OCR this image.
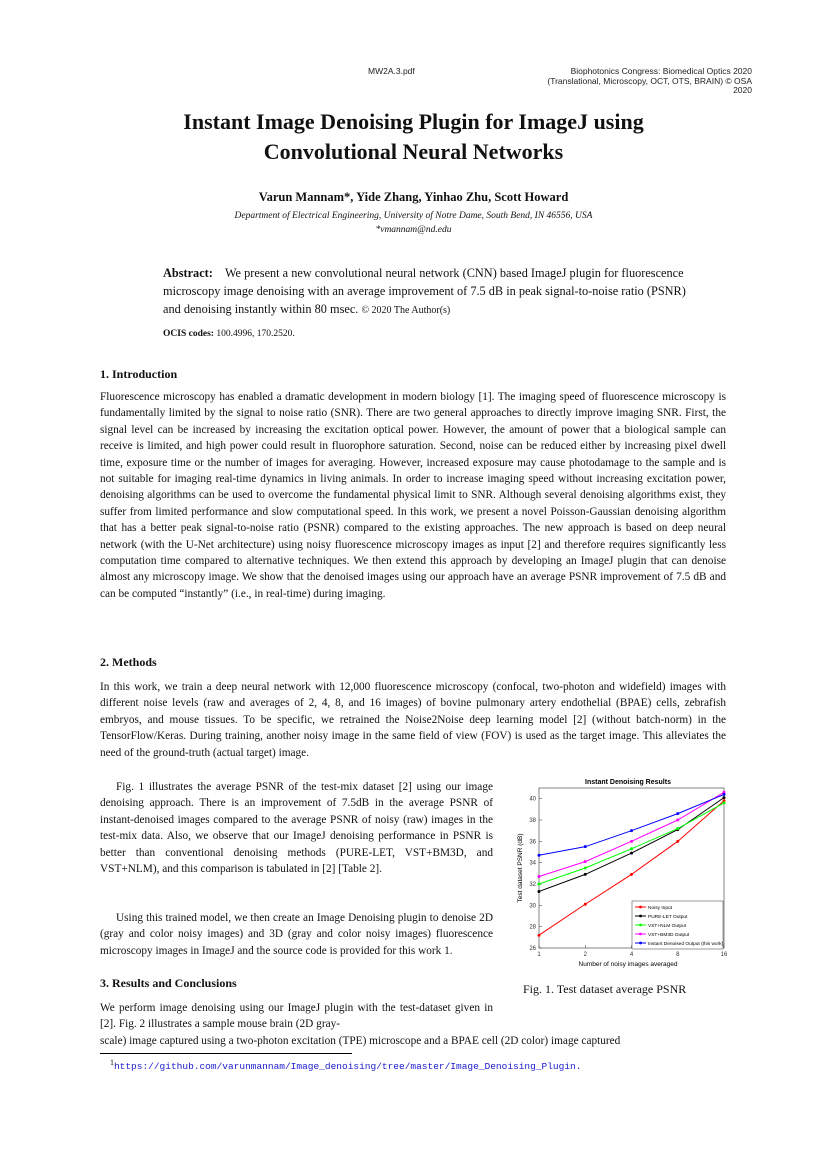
MW2A.3.pdf	Biophotonics Congress: Biomedical Optics 2020
(Translational, Microscopy, OCT, OTS, BRAIN) © OSA
2020
Instant Image Denoising Plugin for ImageJ using
Convolutional Neural Networks
Varun Mannam*, Yide Zhang, Yinhao Zhu, Scott Howard
Department of Electrical Engineering, University of Notre Dame, South Bend, IN 46556, USA
*vmannam@nd.edu
Abstract: We present a new convolutional neural network (CNN) based ImageJ plugin for fluorescence microscopy image denoising with an average improvement of 7.5 dB in peak signal-to-noise ratio (PSNR) and denoising instantly within 80 msec. © 2020 The Author(s)
OCIS codes: 100.4996, 170.2520.
1. Introduction
Fluorescence microscopy has enabled a dramatic development in modern biology [1]. The imaging speed of fluorescence microscopy is fundamentally limited by the signal to noise ratio (SNR). There are two general approaches to directly improve imaging SNR. First, the signal level can be increased by increasing the excitation optical power. However, the amount of power that a biological sample can receive is limited, and high power could result in fluorophore saturation. Second, noise can be reduced either by increasing pixel dwell time, exposure time or the number of images for averaging. However, increased exposure may cause photodamage to the sample and is not suitable for imaging real-time dynamics in living animals. In order to increase imaging speed without increasing excitation power, denoising algorithms can be used to overcome the fundamental physical limit to SNR. Although several denoising algorithms exist, they suffer from limited performance and slow computational speed. In this work, we present a novel Poisson-Gaussian denoising algorithm that has a better peak signal-to-noise ratio (PSNR) compared to the existing approaches. The new approach is based on deep neural network (with the U-Net architecture) using noisy fluorescence microscopy images as input [2] and therefore requires significantly less computation time compared to alternative techniques. We then extend this approach by developing an ImageJ plugin that can denoise almost any microscopy image. We show that the denoised images using our approach have an average PSNR improvement of 7.5 dB and can be computed “instantly” (i.e., in real-time) during imaging.
2. Methods
In this work, we train a deep neural network with 12,000 fluorescence microscopy (confocal, two-photon and widefield) images with different noise levels (raw and averages of 2, 4, 8, and 16 images) of bovine pulmonary artery endothelial (BPAE) cells, zebrafish embryos, and mouse tissues. To be specific, we retrained the Noise2Noise deep learning model [2] (without batch-norm) in the TensorFlow/Keras. During training, another noisy image in the same field of view (FOV) is used as the target image. This alleviates the need of the ground-truth (actual target) image.
Fig. 1 illustrates the average PSNR of the test-mix dataset [2] using our image denoising approach. There is an improvement of 7.5dB in the average PSNR of instant-denoised images compared to the average PSNR of noisy (raw) images in the test-mix data. Also, we observe that our ImageJ denoising performance in PSNR is better than conventional denoising methods (PURE-LET, VST+BM3D, and VST+NLM), and this comparison is tabulated in [2] [Table 2].
Using this trained model, we then create an Image Denoising plugin to denoise 2D (gray and color noisy images) and 3D (gray and color noisy images) fluorescence microscopy images in ImageJ and the source code is provided for this work 1.
3. Results and Conclusions
We perform image denoising using our ImageJ plugin with the test-dataset given in [2]. Fig. 2 illustrates a sample mouse brain (2D gray-
scale) image captured using a two-photon excitation (TPE) microscope and a BPAE cell (2D color) image captured
Instant Denoising Results
26
28
30
32
34
36
38
40
1	2	4	8	16
Number of noisy images averaged
Test dataset PSNR (dB)
Noisy Input
PURE-LET Output
VST+NLM Output
VST+BM3D Output
Instant Denoised Output (this work)
Fig. 1. Test dataset average PSNR
$^1$https://github.com/varunmannam/Image_denoising/tree/master/Image_Denoising_Plugin.
